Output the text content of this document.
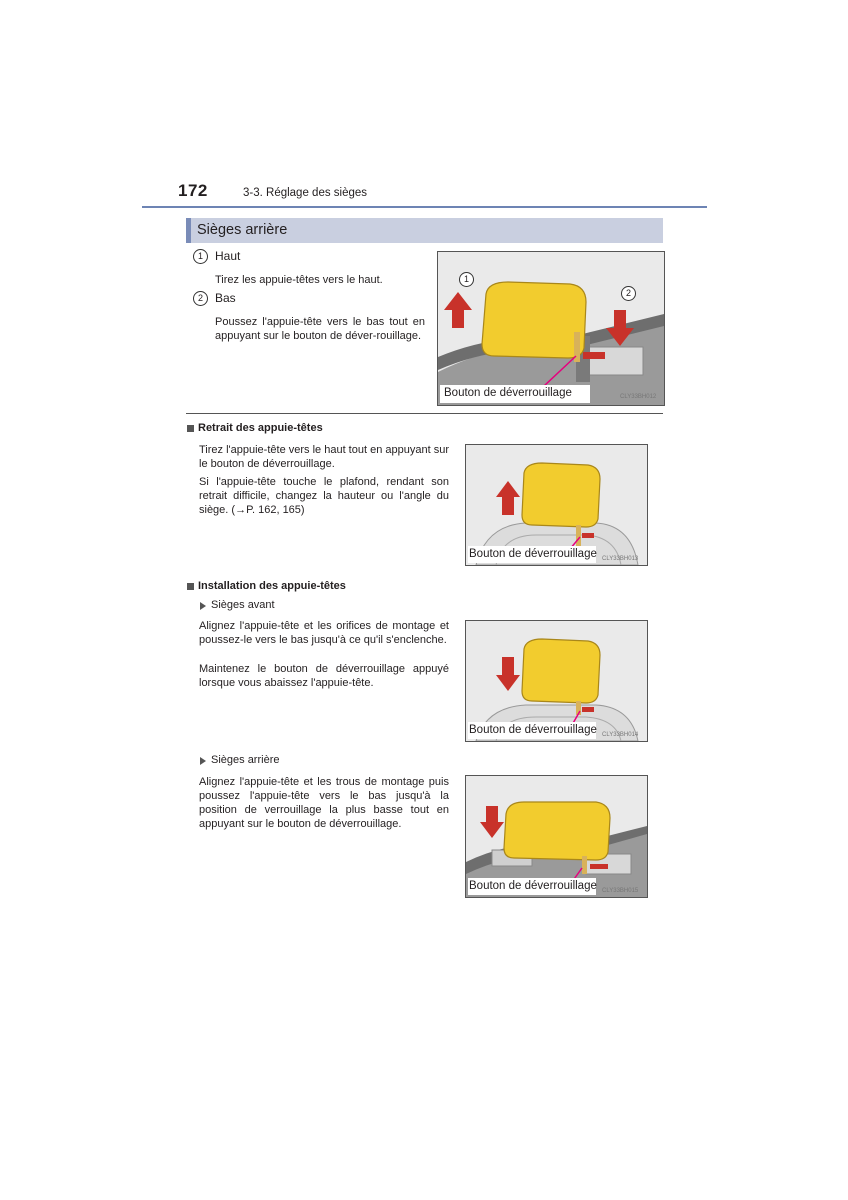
172	3-3. Réglage des sièges
Sièges arrière
1	Haut
Tirez les appuie-têtes vers le haut.
2	Bas
Poussez l'appuie-tête vers le bas tout en appuyant sur le bouton de déver-rouillage.
1
2
Bouton de déverrouillage	CLY33BH012
Retrait des appuie-têtes
Tirez l'appuie-tête vers le haut tout en appuyant sur le bouton de déverrouillage.
Si l'appuie-tête touche le plafond, rendant son retrait difficile, changez la hauteur ou l'angle du siège. (→P. 162, 165)
Bouton de déverrouillage CLY33BH013
Installation des appuie-têtes
Sièges avant
Alignez l'appuie-tête et les orifices de montage et poussez-le vers le bas jusqu'à ce qu'il s'enclenche.
Maintenez le bouton de déverrouillage appuyé lorsque vous abaissez l'appuie-tête.
Bouton de déverrouillage CLY33BH014
Sièges arrière
Alignez l'appuie-tête et les trous de montage puis poussez l'appuie-tête vers le bas jusqu'à la position de verrouillage la plus basse tout en appuyant sur le bouton de déverrouillage.
Bouton de déverrouillage CLY33BH015
